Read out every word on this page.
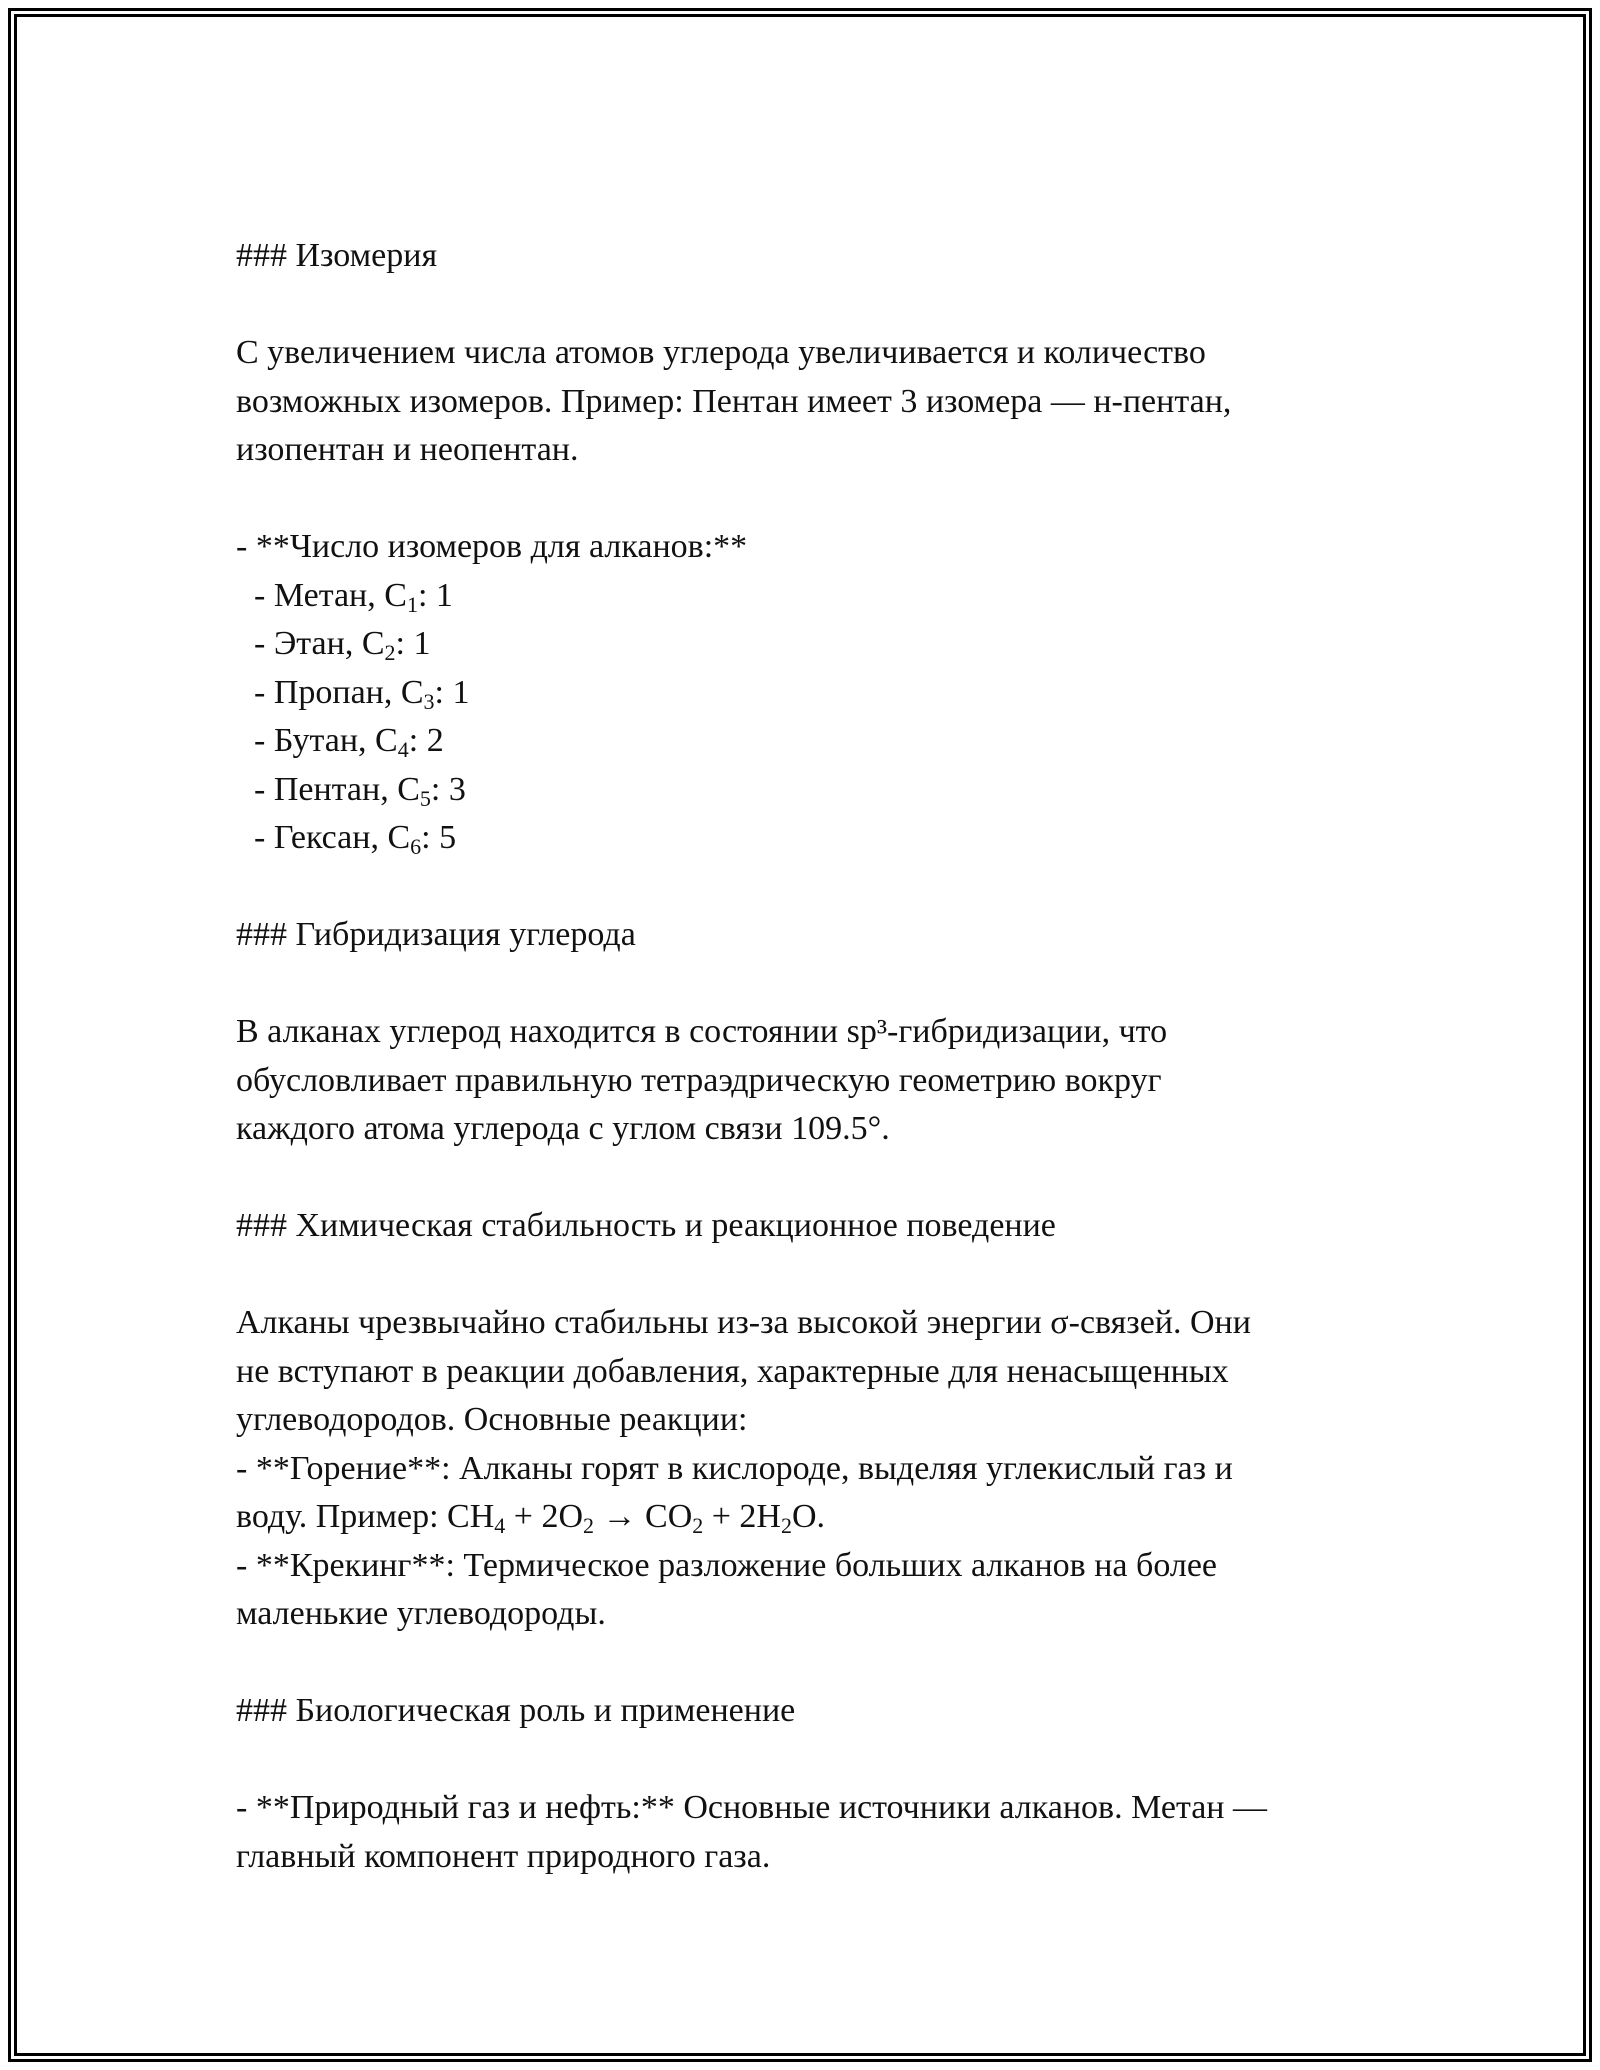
### Изомерия
С увеличением числа атомов углерода увеличивается и количество
возможных изомеров. Пример: Пентан имеет 3 изомера — н-пентан,
изопентан и неопентан.
- **Число изомеров для алканов:**
- Метан, $C_1$: 1
- Этан, $C_2$: 1
- Пропан, $C_3$: 1
- Бутан, $C_4$: 2
- Пентан, $C_5$: 3
- Гексан, $C_6$: 5
### Гибридизация углерода
В алканах углерод находится в состоянии sp³-гибридизации, что
обусловливает правильную тетраэдрическую геометрию вокруг
каждого атома углерода с углом связи 109.5°.
### Химическая стабильность и реакционное поведение
Алканы чрезвычайно стабильны из-за высокой энергии σ-связей. Они
не вступают в реакции добавления, характерные для ненасыщенных
углеводородов. Основные реакции:
- **Горение**: Алканы горят в кислороде, выделяя углекислый газ и
воду. Пример: $CH_4 + 2O_2 \to CO_2 + 2H_2O$.
- **Крекинг**: Термическое разложение больших алканов на более
маленькие углеводороды.
### Биологическая роль и применение
- **Природный газ и нефть:** Основные источники алканов. Метан —
главный компонент природного газа.
